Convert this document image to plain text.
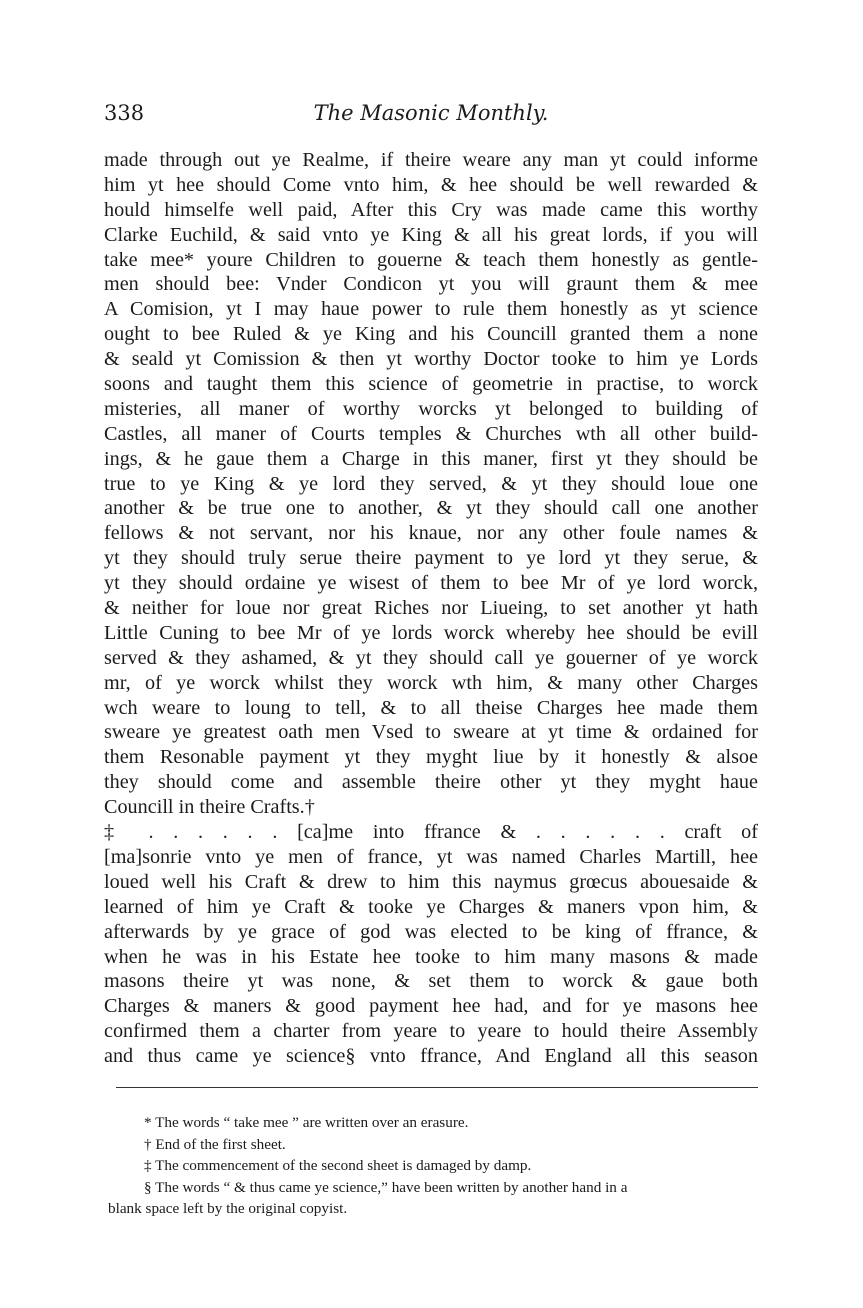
338	The Masonic Monthly.
made through out ye Realme, if theire weare any man yt could informe
him yt hee should Come vnto him, & hee should be well rewarded &
hould himselfe well paid, After this Cry was made came this worthy
Clarke Euchild, & said vnto ye King & all his great lords, if you will
take mee* youre Children to gouerne & teach them honestly as gentle-
men should bee: Vnder Condicon yt you will graunt them & mee
A Comision, yt I may haue power to rule them honestly as yt science
ought to bee Ruled & ye King and his Councill granted them a none
& seald yt Comission & then yt worthy Doctor tooke to him ye Lords
soons and taught them this science of geometrie in practise, to worck
misteries, all maner of worthy worcks yt belonged to building of
Castles, all maner of Courts temples & Churches wth all other build-
ings, & he gaue them a Charge in this maner, first yt they should be
true to ye King & ye lord they served, & yt they should loue one
another & be true one to another, & yt they should call one another
fellows & not servant, nor his knaue, nor any other foule names &
yt they should truly serue theire payment to ye lord yt they serue, &
yt they should ordaine ye wisest of them to bee Mr of ye lord worck,
& neither for loue nor great Riches nor Liueing, to set another yt hath
Little Cuning to bee Mr of ye lords worck whereby hee should be evill
served & they ashamed, & yt they should call ye gouerner of ye worck
mr, of ye worck whilst they worck wth him, & many other Charges
wch weare to loung to tell, & to all theise Charges hee made them
sweare ye greatest oath men Vsed to sweare at yt time & ordained for
them Resonable payment yt they myght liue by it honestly & alsoe
they should come and assemble theire other yt they myght haue
Councill in theire Crafts.†
‡ . . . . . . [ca]me into ffrance & . . . . . . craft of
[ma]sonrie vnto ye men of france, yt was named Charles Martill, hee
loued well his Craft & drew to him this naymus grœcus abouesaide &
learned of him ye Craft & tooke ye Charges & maners vpon him, &
afterwards by ye grace of god was elected to be king of ffrance, &
when he was in his Estate hee tooke to him many masons & made
masons theire yt was none, & set them to worck & gaue both
Charges & maners & good payment hee had, and for ye masons hee
confirmed them a charter from yeare to yeare to hould theire Assembly
and thus came ye science§ vnto ffrance, And England all this season
* The words “ take mee ” are written over an erasure.
† End of the first sheet.
‡ The commencement of the second sheet is damaged by damp.
§ The words “ & thus came ye science,” have been written by another hand in a
blank space left by the original copyist.
